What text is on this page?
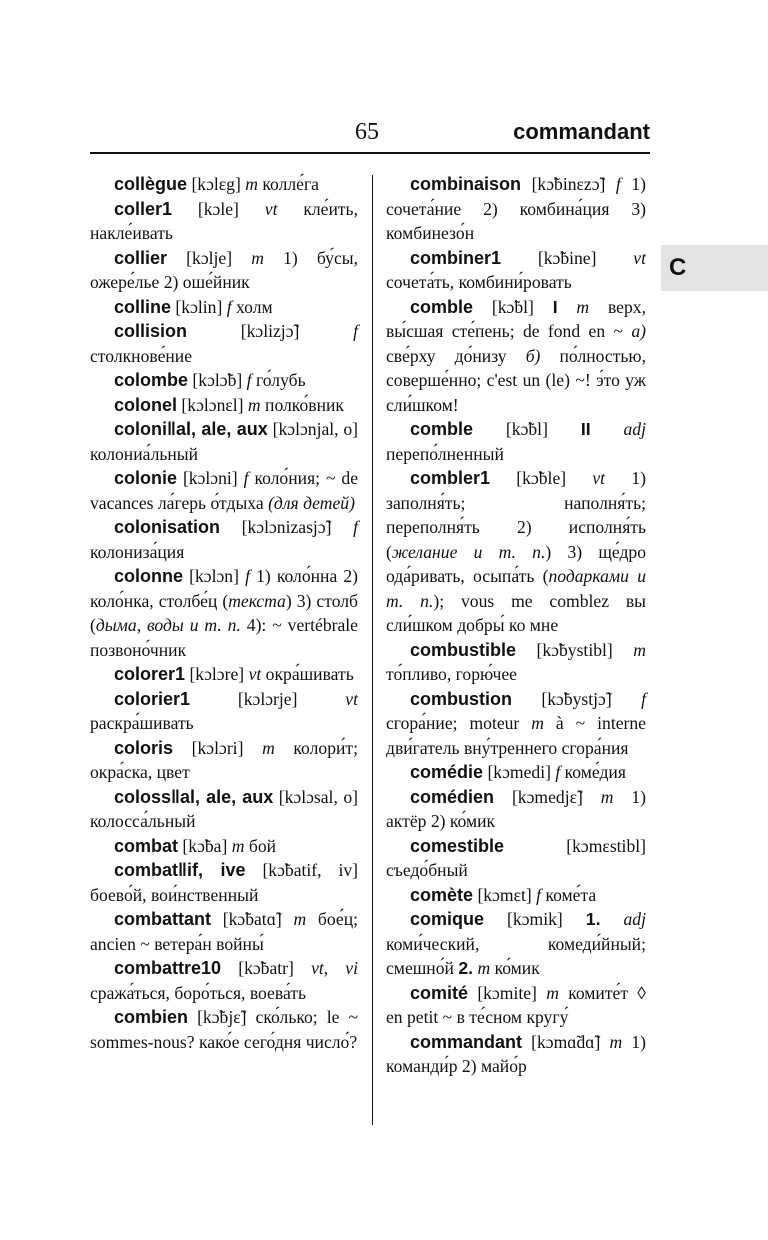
65	commandant
C
collègue [kɔlɛg] m колле́га
coller1 [kɔle] vt кле́ить, накле́ивать
collier [kɔlje] m 1) бу́сы, ожере́лье 2) оше́йник
colline [kɔlin] f холм
collision	[kɔlizjɔ̃]	f столкнове́ние
colombe [kɔlɔ̃b] f го́лубь
colonel [kɔlɔnɛl] m полко́вник
coloni‖al, ale, aux [kɔlɔnjal, o] колониа́льный
colonie [kɔlɔni] f коло́ния; ~ de vacances ла́герь о́тдыха (для детей)
colonisation [kɔlɔnizasjɔ̃] f колониза́ция
colonne [kɔlɔn] f 1) коло́нна 2) коло́нка, столбе́ц (текста) 3) столб (дыма, воды и т. п. 4): ~ vertébrale позвоно́чник
colorer1 [kɔlɔre] vt окра́шивать
colorier1	[kɔlɔrje]	vt раскра́шивать
coloris [kɔlɔri] m колори́т; окра́ска, цвет
coloss‖al, ale, aux [kɔlɔsal, o] колосса́льный
combat [kɔ̃ba] m бой
combat‖if, ive [kɔ̃batif, iv] боево́й, вои́нственный
combattant [kɔ̃batɑ̃] m бое́ц; ancien ~ ветера́н войны́
combattre10 [kɔ̃batr] vt, vi сража́ться, боро́ться, воева́ть
combien [kɔ̃bjɛ̃] ско́лько; le ~ sommes-nous? како́е сего́дня число́?
combinaison [kɔ̃binɛzɔ̃] f 1) сочета́ние 2) комбина́ция 3) комбинезо́н
combiner1 [kɔ̃bine] vt сочета́ть, комбини́ровать
comble [kɔ̃bl] I m верх, вы́сшая сте́пень; de fond en ~ а) све́рху до́низу б) по́лностью, соверше́нно; c'est un (le) ~! э́то уж сли́шком!
comble [kɔ̃bl] II adj перепо́лненный
combler1 [kɔ̃ble] vt 1) заполня́ть; наполня́ть; переполня́ть 2) исполня́ть (желание и т. п.) 3) ще́дро ода́ривать, осыпа́ть (подарками и т. п.); vous me comblez вы сли́шком добры́ ко мне
combustible [kɔ̃bystibl] m то́пливо, горю́чее
combustion [kɔ̃bystjɔ̃] f сгора́ние; moteur m à ~ interne дви́гатель вну́треннего сгора́ния
comédie [kɔmedi] f коме́дия
comédien [kɔmedjɛ̃] m 1) актёр 2) ко́мик
comestible	[kɔmɛstibl] съедо́бный
comète [kɔmɛt] f коме́та
comique [kɔmik] 1. adj коми́ческий, комеди́йный; смешно́й 2. m ко́мик
comité [kɔmite] m комите́т ◊ en petit ~ в те́сном кругу́
commandant [kɔmɑ̃dɑ̃] m 1) команди́р 2) майо́р
